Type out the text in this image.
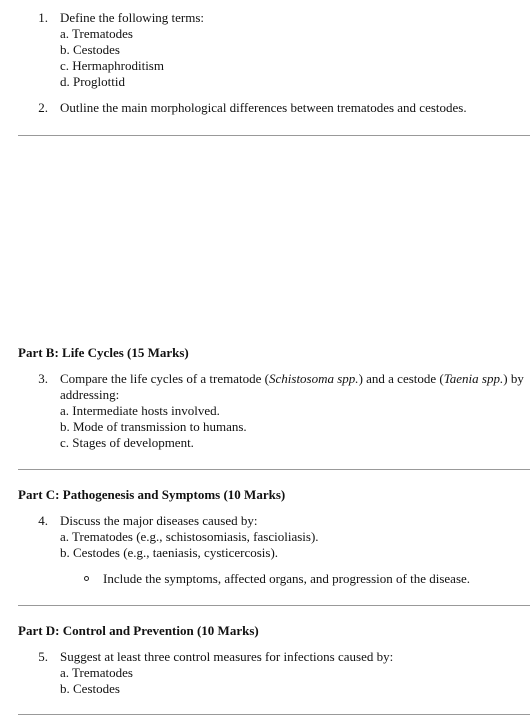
1. Define the following terms:
a. Trematodes
b. Cestodes
c. Hermaphroditism
d. Proglottid
2. Outline the main morphological differences between trematodes and cestodes.
Part B: Life Cycles (15 Marks)
3. Compare the life cycles of a trematode (Schistosoma spp.) and a cestode (Taenia spp.) by
addressing:
a. Intermediate hosts involved.
b. Mode of transmission to humans.
c. Stages of development.
Part C: Pathogenesis and Symptoms (10 Marks)
4. Discuss the major diseases caused by:
a. Trematodes (e.g., schistosomiasis, fascioliasis).
b. Cestodes (e.g., taeniasis, cysticercosis).
Include the symptoms, affected organs, and progression of the disease.
Part D: Control and Prevention (10 Marks)
5. Suggest at least three control measures for infections caused by:
a. Trematodes
b. Cestodes
